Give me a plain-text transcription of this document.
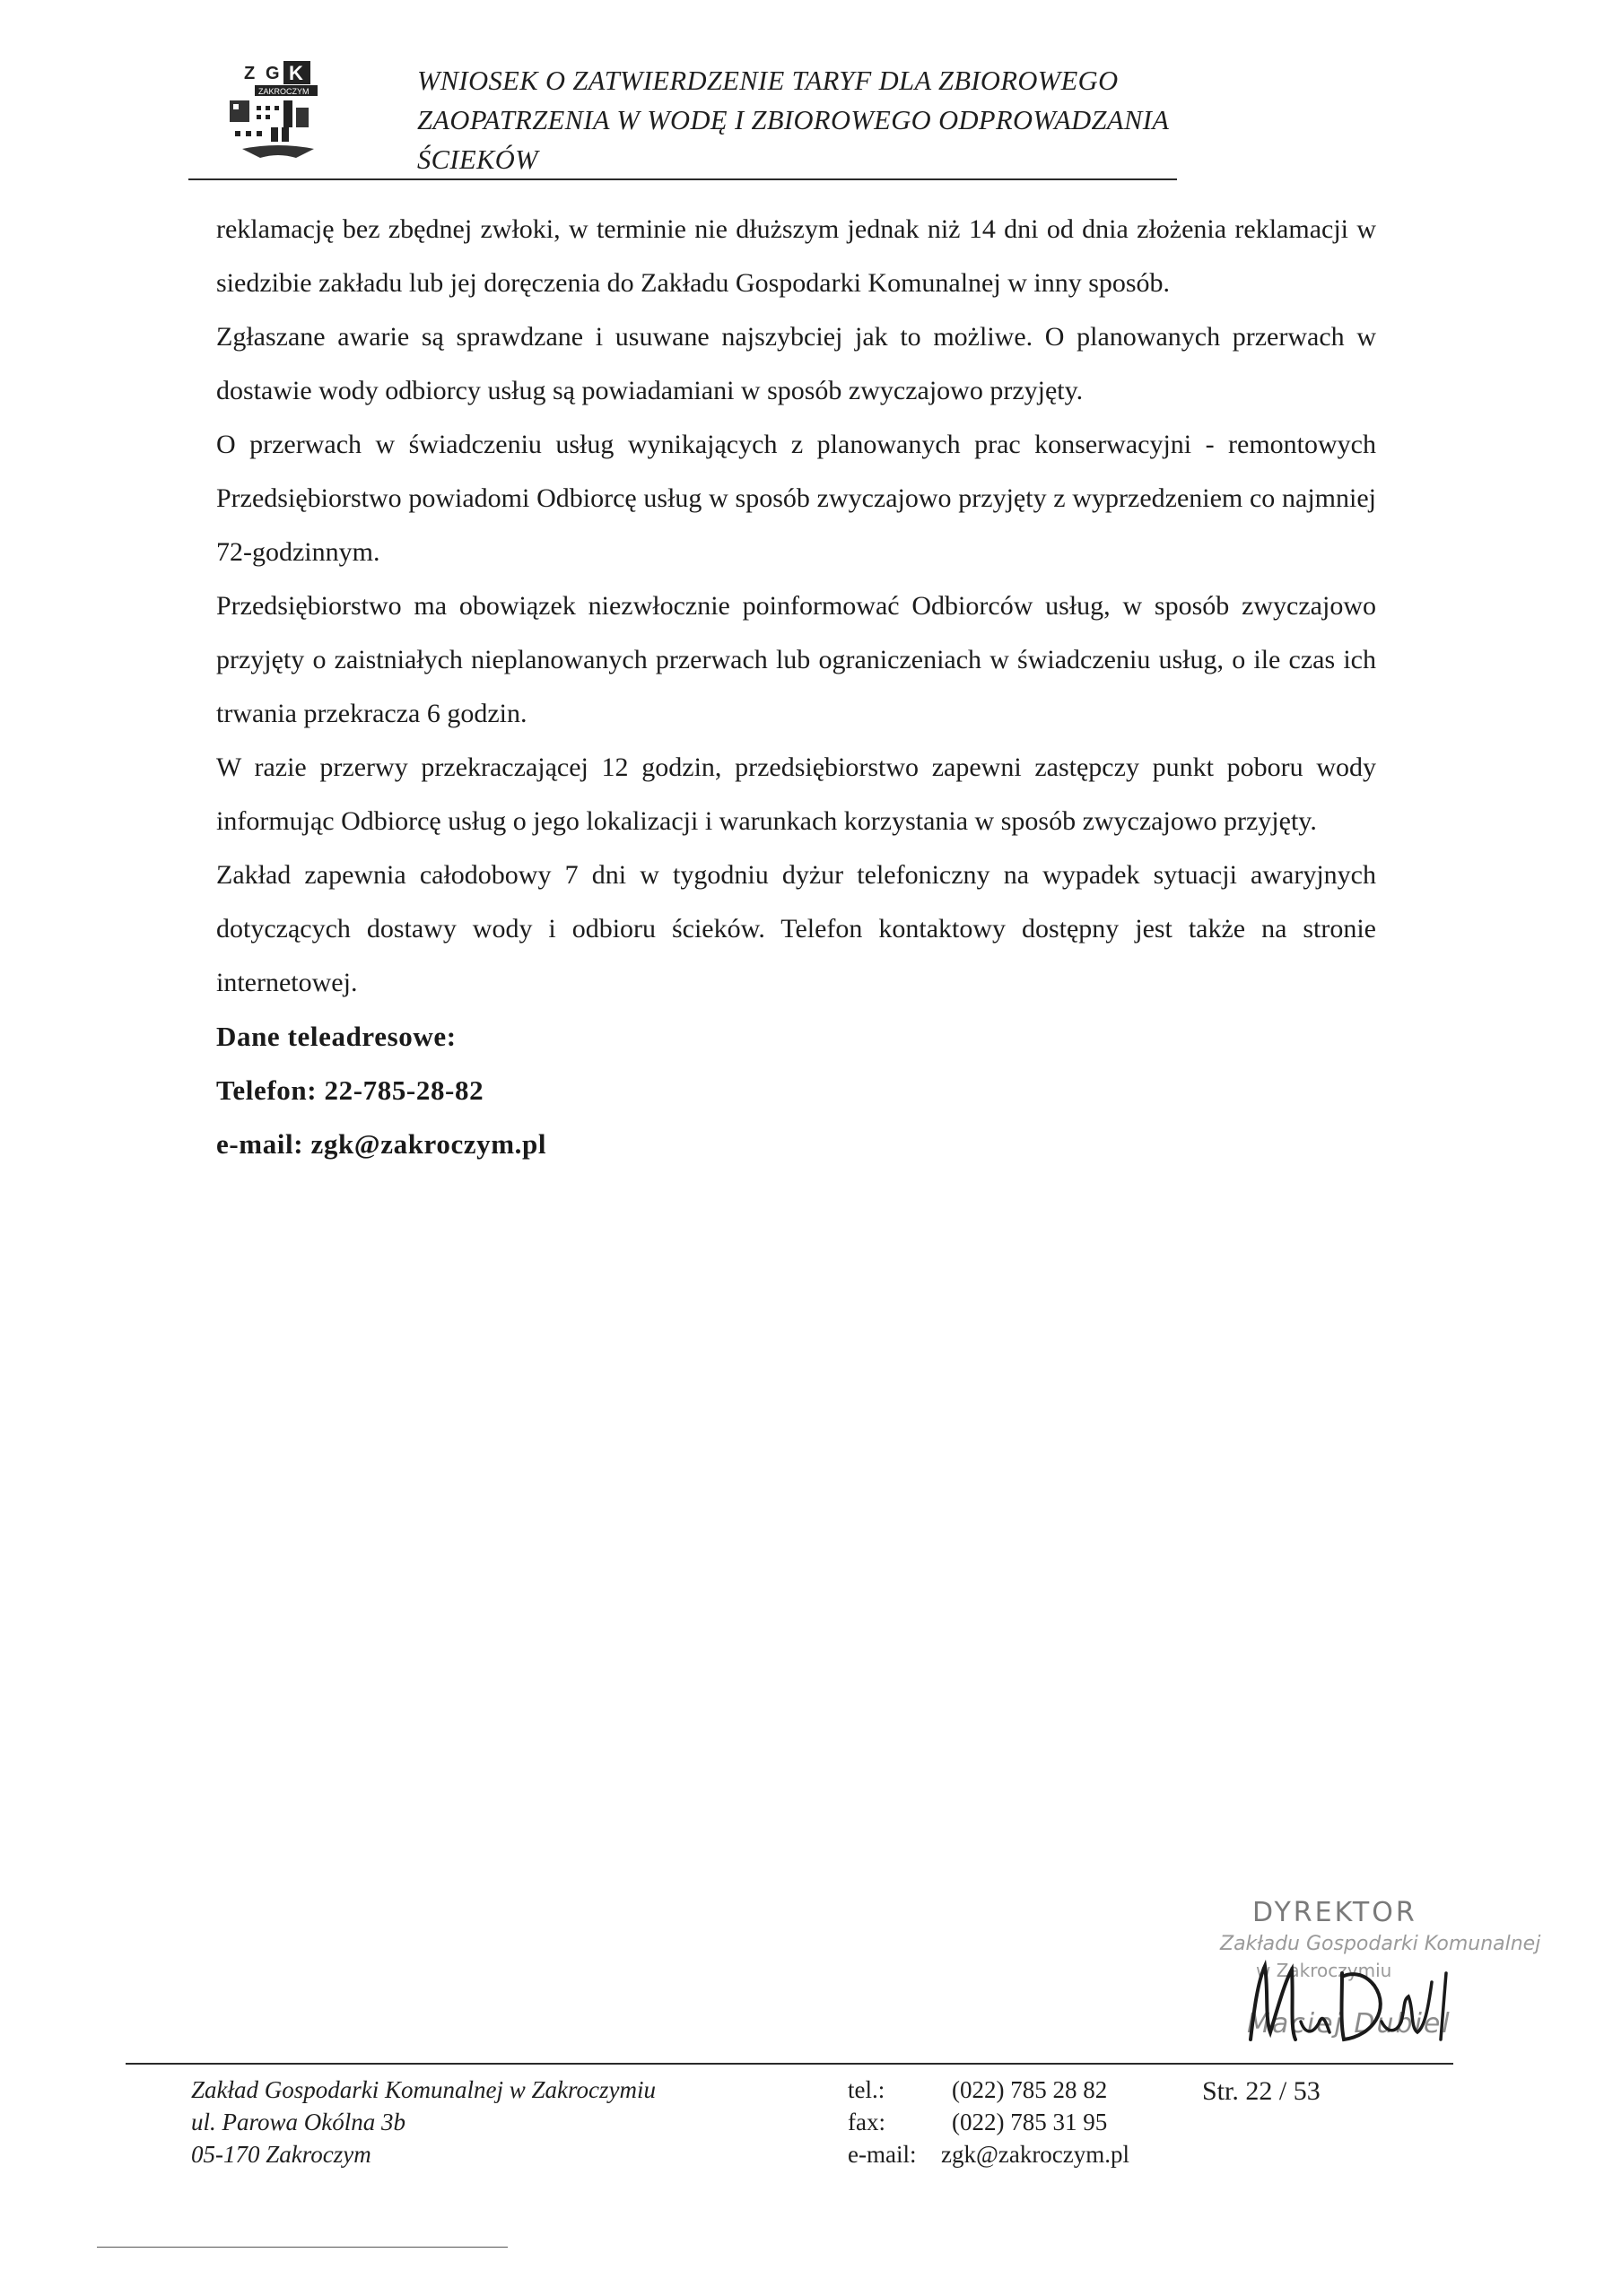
Z G K
ZAKROCZYM	WNIOSEK O ZATWIERDZENIE TARYF DLA ZBIOROWEGO
ZAOPATRZENIA W WODĘ I ZBIOROWEGO ODPROWADZANIA ŚCIEKÓW

reklamację bez zbędnej zwłoki, w terminie nie dłuższym jednak niż 14 dni od dnia złożenia reklamacji w siedzibie zakładu lub jej doręczenia do Zakładu Gospodarki Komunalnej w inny sposób.

Zgłaszane awarie są sprawdzane i usuwane najszybciej jak to możliwe. O planowanych przerwach w dostawie wody odbiorcy usług są powiadamiani w sposób zwyczajowo przyjęty.

O przerwach w świadczeniu usług wynikających z planowanych prac konserwacyjni - remontowych Przedsiębiorstwo powiadomi Odbiorcę usług w sposób zwyczajowo przyjęty z wyprzedzeniem co najmniej 72-godzinnym.

Przedsiębiorstwo ma obowiązek niezwłocznie poinformować Odbiorców usług, w sposób zwyczajowo przyjęty o zaistniałych nieplanowanych przerwach lub ograniczeniach w świadczeniu usług, o ile czas ich trwania przekracza 6 godzin.

W razie przerwy przekraczającej 12 godzin, przedsiębiorstwo zapewni zastępczy punkt poboru wody informując Odbiorcę usług o jego lokalizacji i warunkach korzystania w sposób zwyczajowo przyjęty.

Zakład zapewnia całodobowy 7 dni w tygodniu dyżur telefoniczny na wypadek sytuacji awaryjnych dotyczących dostawy wody i odbioru ścieków. Telefon kontaktowy dostępny jest także na stronie internetowej.

Dane teleadresowe:

Telefon: 22-785-28-82

e-mail: zgk@zakroczym.pl

DYREKTOR
Zakładu Gospodarki Komunalnej
w Zakroczymiu
Maciej Dubiel
Zakład Gospodarki Komunalnej w Zakroczymiu
ul. Parowa Okólna 3b
05-170 Zakroczym
tel.:	(022) 785 28 82
fax:	(022) 785 31 95
e-mail:	zgk@zakroczym.pl
Str. 22 / 53
